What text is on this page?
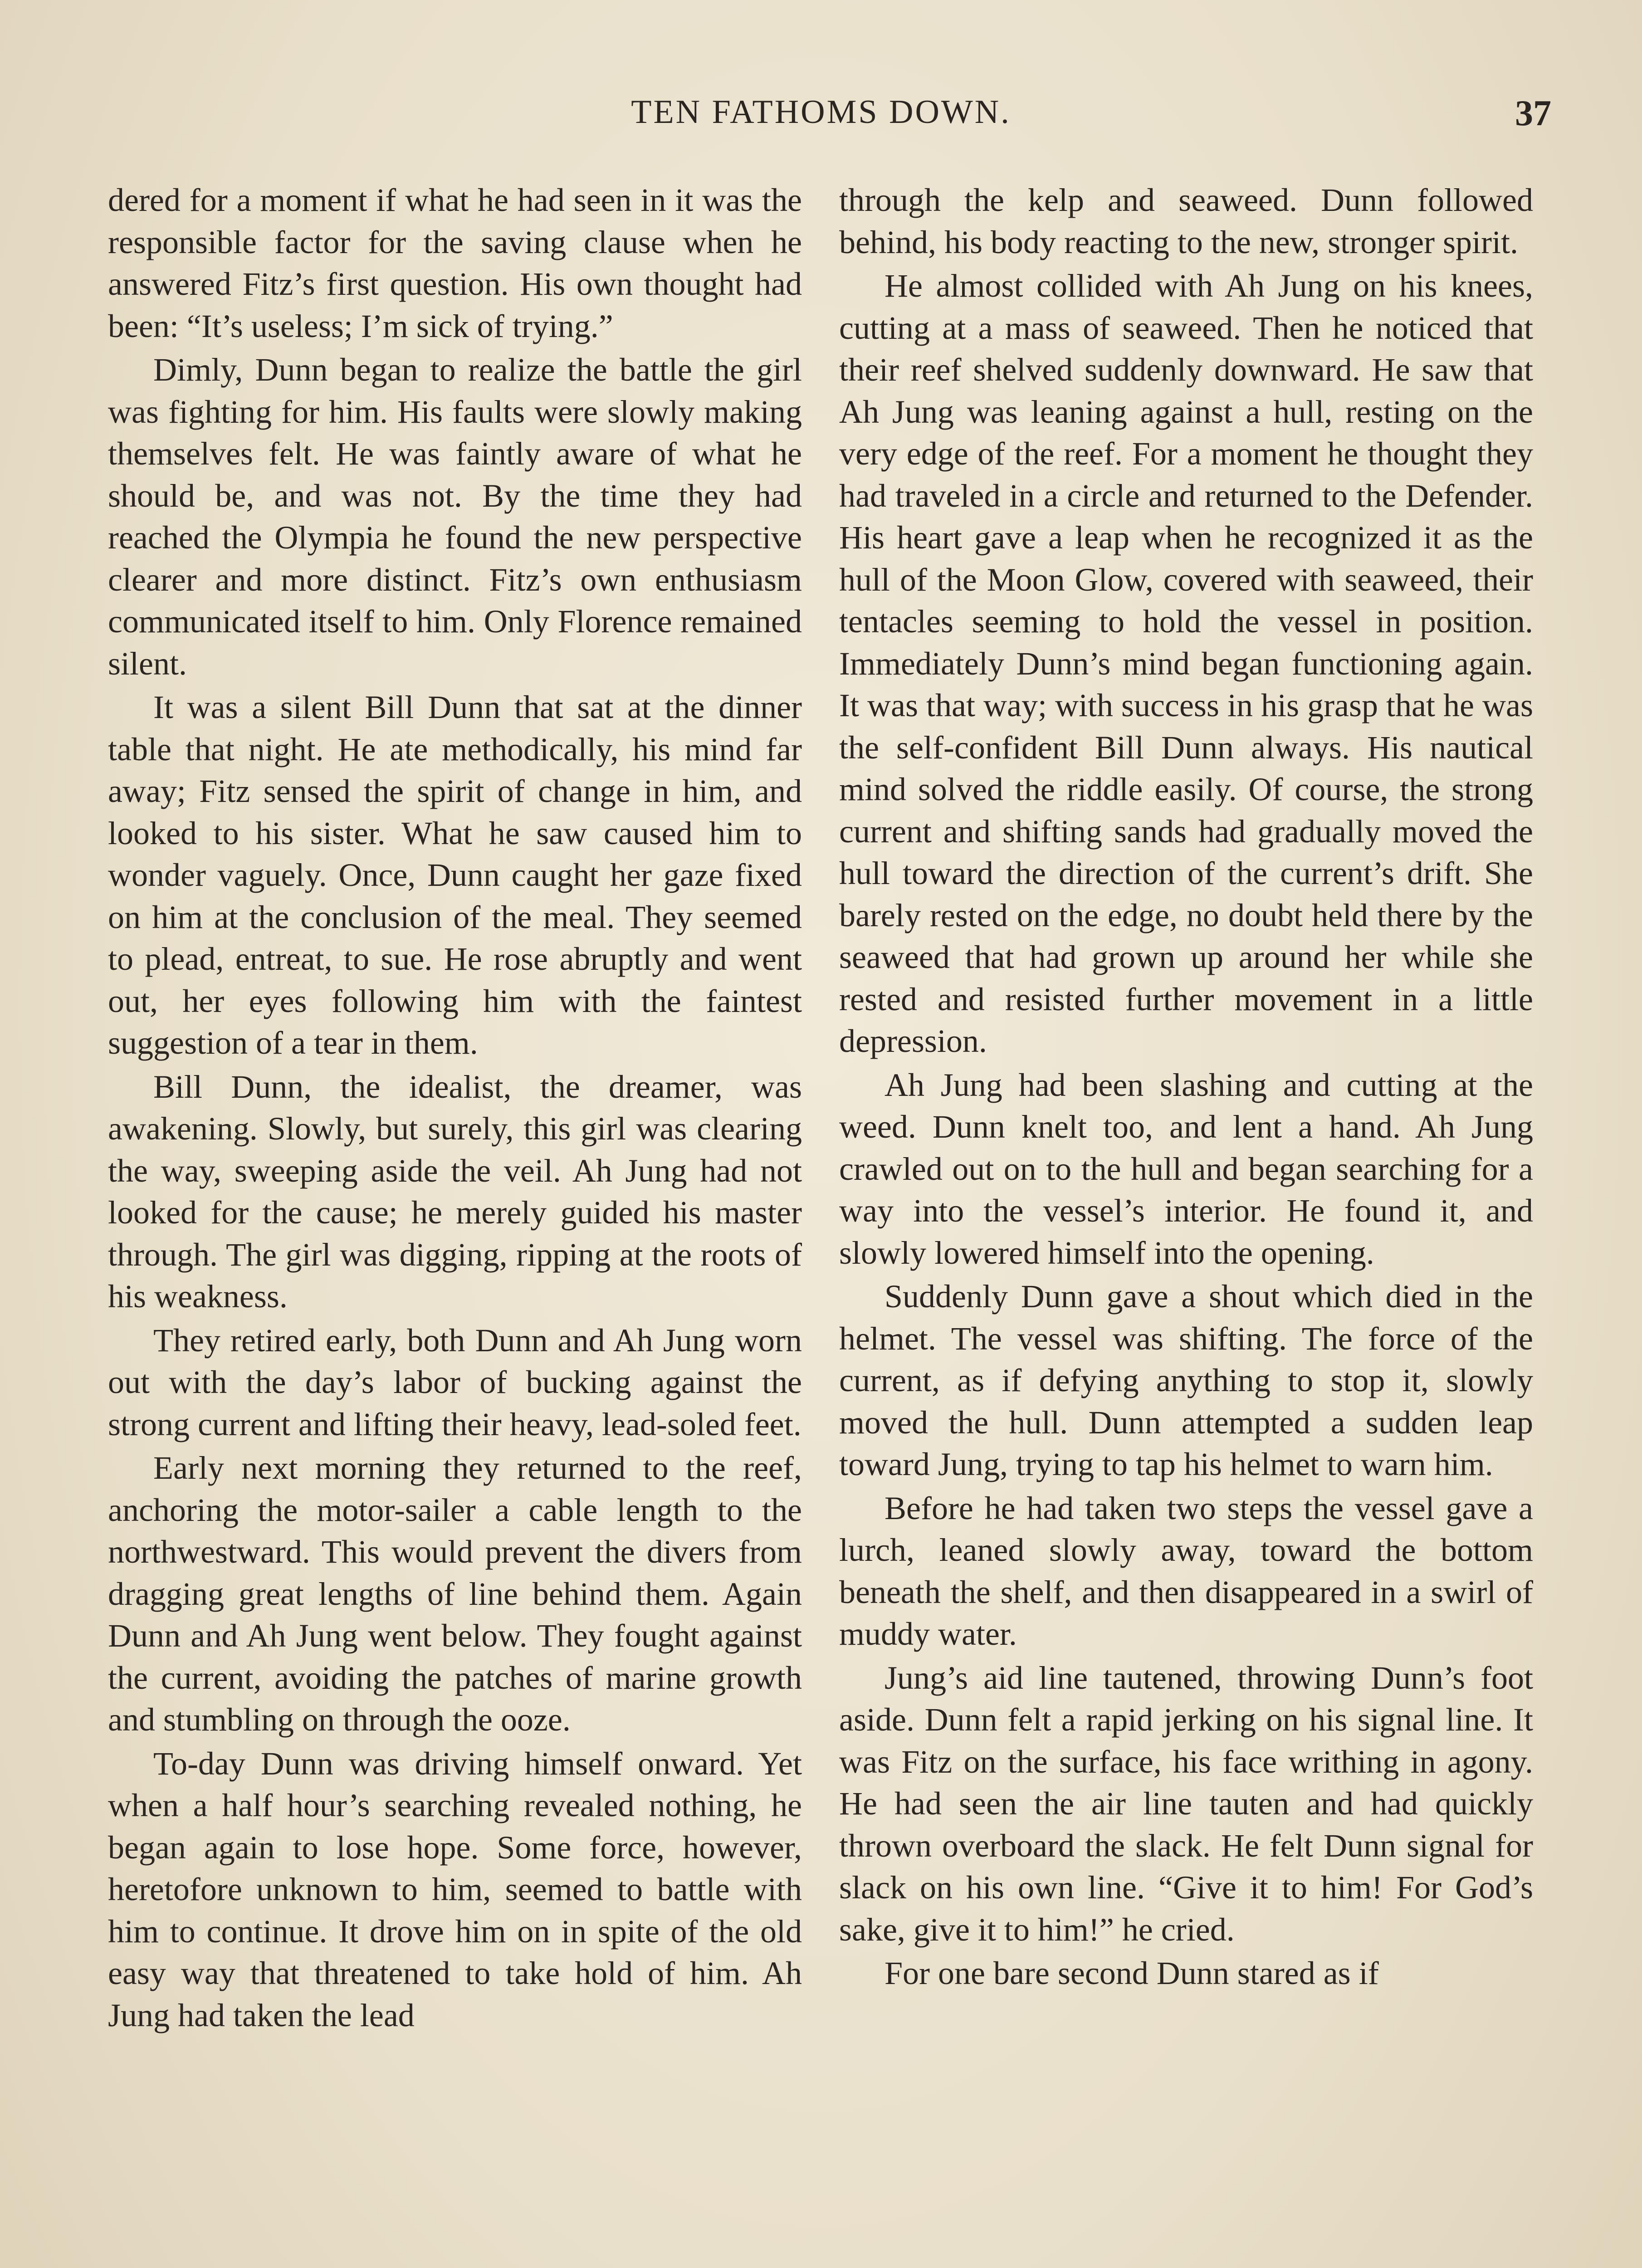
TEN FATHOMS DOWN.	37

dered for a moment if what he had seen in it was the responsible factor for the saving clause when he answered Fitz’s first question. His own thought had been: “It’s useless; I’m sick of trying.”

Dimly, Dunn began to realize the battle the girl was fighting for him. His faults were slowly making themselves felt. He was faintly aware of what he should be, and was not. By the time they had reached the Olympia he found the new perspective clearer and more distinct. Fitz’s own enthusiasm communicated itself to him. Only Florence remained silent.

It was a silent Bill Dunn that sat at the dinner table that night. He ate methodically, his mind far away; Fitz sensed the spirit of change in him, and looked to his sister. What he saw caused him to wonder vaguely. Once, Dunn caught her gaze fixed on him at the conclusion of the meal. They seemed to plead, entreat, to sue. He rose abruptly and went out, her eyes following him with the faintest suggestion of a tear in them.

Bill Dunn, the idealist, the dreamer, was awakening. Slowly, but surely, this girl was clearing the way, sweeping aside the veil. Ah Jung had not looked for the cause; he merely guided his master through. The girl was digging, ripping at the roots of his weakness.

They retired early, both Dunn and Ah Jung worn out with the day’s labor of bucking against the strong current and lifting their heavy, lead-soled feet.

Early next morning they returned to the reef, anchoring the motor-sailer a cable length to the northwestward. This would prevent the divers from dragging great lengths of line behind them. Again Dunn and Ah Jung went below. They fought against the current, avoiding the patches of marine growth and stumbling on through the ooze.

To-day Dunn was driving himself onward. Yet when a half hour’s searching revealed nothing, he began again to lose hope. Some force, however, heretofore unknown to him, seemed to battle with him to continue. It drove him on in spite of the old easy way that threatened to take hold of him. Ah Jung had taken the lead

through the kelp and seaweed. Dunn followed behind, his body reacting to the new, stronger spirit.

He almost collided with Ah Jung on his knees, cutting at a mass of seaweed. Then he noticed that their reef shelved suddenly downward. He saw that Ah Jung was leaning against a hull, resting on the very edge of the reef. For a moment he thought they had traveled in a circle and returned to the Defender. His heart gave a leap when he recognized it as the hull of the Moon Glow, covered with seaweed, their tentacles seeming to hold the vessel in position. Immediately Dunn’s mind began functioning again. It was that way; with success in his grasp that he was the self-confident Bill Dunn always. His nautical mind solved the riddle easily. Of course, the strong current and shifting sands had gradually moved the hull toward the direction of the current’s drift. She barely rested on the edge, no doubt held there by the seaweed that had grown up around her while she rested and resisted further movement in a little depression.

Ah Jung had been slashing and cutting at the weed. Dunn knelt too, and lent a hand. Ah Jung crawled out on to the hull and began searching for a way into the vessel’s interior. He found it, and slowly lowered himself into the opening.

Suddenly Dunn gave a shout which died in the helmet. The vessel was shifting. The force of the current, as if defying anything to stop it, slowly moved the hull. Dunn attempted a sudden leap toward Jung, trying to tap his helmet to warn him.

Before he had taken two steps the vessel gave a lurch, leaned slowly away, toward the bottom beneath the shelf, and then disappeared in a swirl of muddy water.

Jung’s aid line tautened, throwing Dunn’s foot aside. Dunn felt a rapid jerking on his signal line. It was Fitz on the surface, his face writhing in agony. He had seen the air line tauten and had quickly thrown overboard the slack. He felt Dunn signal for slack on his own line. “Give it to him! For God’s sake, give it to him!” he cried.

For one bare second Dunn stared as if
